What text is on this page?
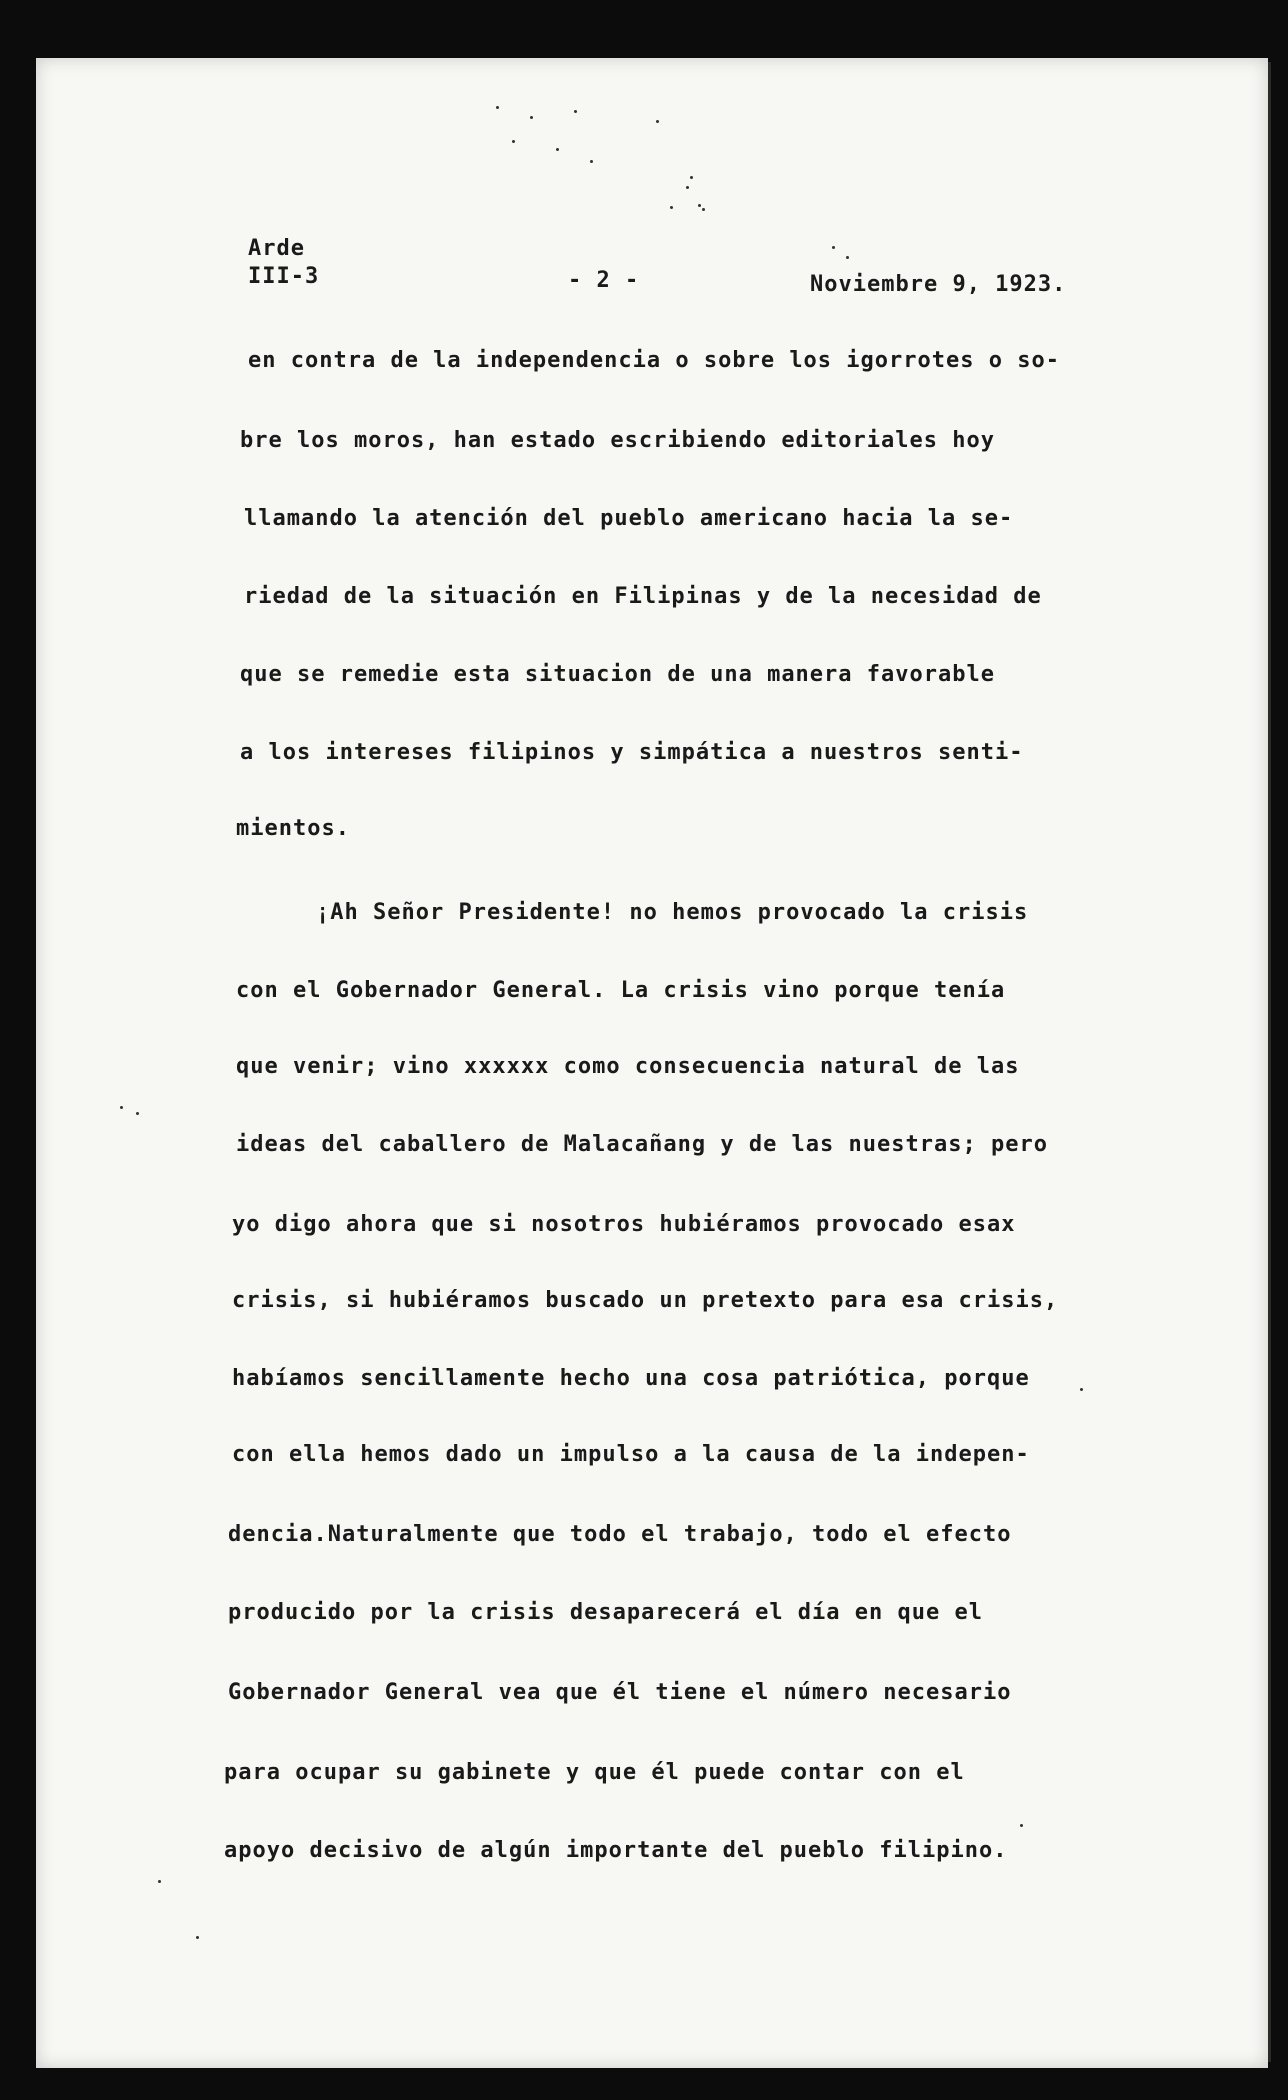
Arde
III-3	- 2 -	Noviembre 9, 1923.
en contra de la independencia o sobre los igorrotes o so-
bre los moros, han estado escribiendo editoriales hoy
llamando la atención del pueblo americano hacia la se-
riedad de la situación en Filipinas y de la necesidad de
que se remedie esta situacion de una manera favorable
a los intereses filipinos y simpática a nuestros senti-
mientos.
¡Ah Señor Presidente! no hemos provocado la crisis
con el Gobernador General. La crisis vino porque tenía
que venir; vino xxxxxx como consecuencia natural de las
ideas del caballero de Malacañang y de las nuestras; pero
yo digo ahora que si nosotros hubiéramos provocado esax
crisis, si hubiéramos buscado un pretexto para esa crisis,
habíamos sencillamente hecho una cosa patriótica, porque
con ella hemos dado un impulso a la causa de la indepen-
dencia.Naturalmente que todo el trabajo, todo el efecto
producido por la crisis desaparecerá el día en que el
Gobernador General vea que él tiene el número necesario
para ocupar su gabinete y que él puede contar con el
apoyo decisivo de algún importante del pueblo filipino.
